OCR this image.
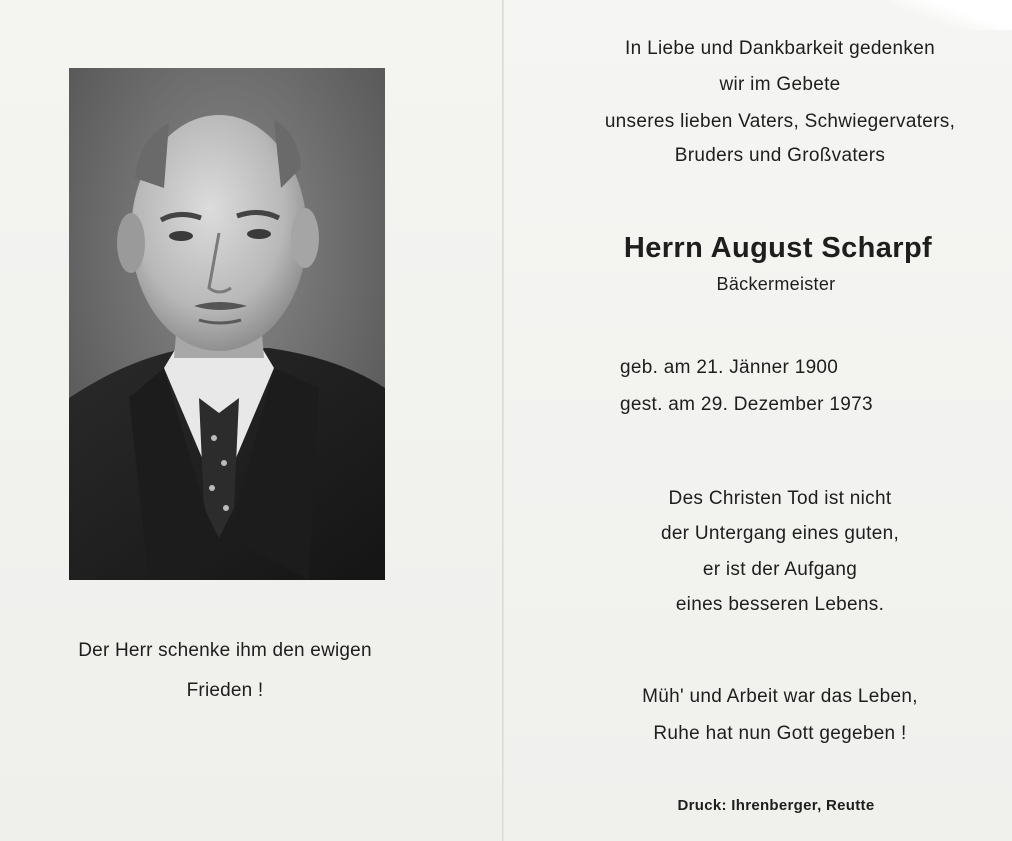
Der Herr schenke ihm den ewigen
Frieden !
In Liebe und Dankbarkeit gedenken
wir im Gebete
unseres lieben Vaters, Schwiegervaters,
Bruders und Großvaters
Herrn August Scharpf
Bäckermeister
geb. am 21. Jänner 1900
gest. am 29. Dezember 1973
Des Christen Tod ist nicht
der Untergang eines guten,
er ist der Aufgang
eines besseren Lebens.
Müh' und Arbeit war das Leben,
Ruhe hat nun Gott gegeben !
Druck: Ihrenberger, Reutte
